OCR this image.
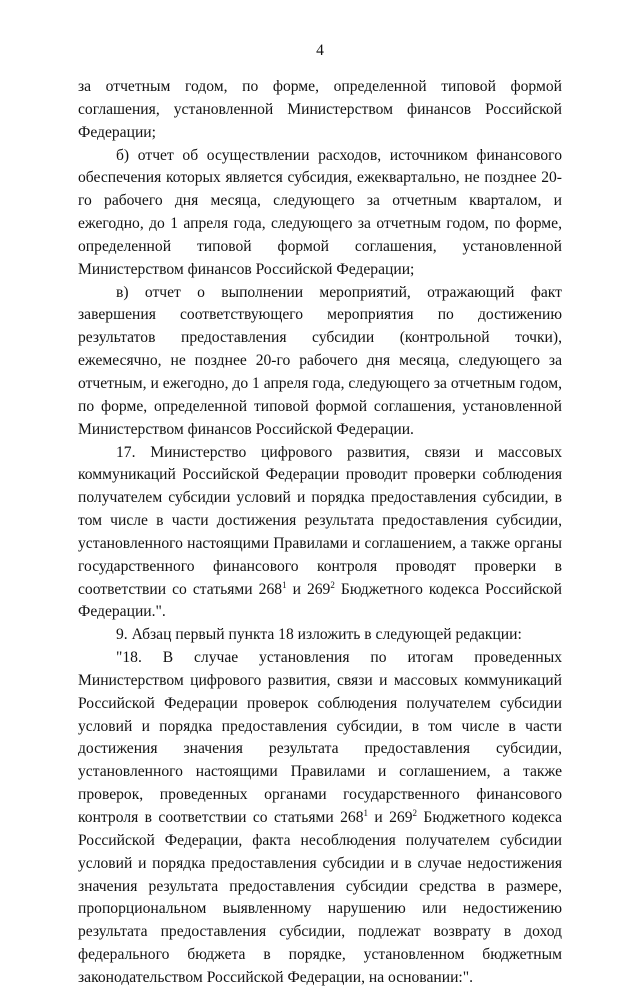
4

за отчетным годом, по форме, определенной типовой формой соглашения, установленной Министерством финансов Российской Федерации;

б) отчет об осуществлении расходов, источником финансового обеспечения которых является субсидия, ежеквартально, не позднее 20-го рабочего дня месяца, следующего за отчетным кварталом, и ежегодно, до 1 апреля года, следующего за отчетным годом, по форме, определенной типовой формой соглашения, установленной Министерством финансов Российской Федерации;

в) отчет о выполнении мероприятий, отражающий факт завершения соответствующего мероприятия по достижению результатов предоставления субсидии (контрольной точки), ежемесячно, не позднее 20-го рабочего дня месяца, следующего за отчетным, и ежегодно, до 1 апреля года, следующего за отчетным годом, по форме, определенной типовой формой соглашения, установленной Министерством финансов Российской Федерации.

17. Министерство цифрового развития, связи и массовых коммуникаций Российской Федерации проводит проверки соблюдения получателем субсидии условий и порядка предоставления субсидии, в том числе в части достижения результата предоставления субсидии, установленного настоящими Правилами и соглашением, а также органы государственного финансового контроля проводят проверки в соответствии со статьями $268^1$ и $269^2$ Бюджетного кодекса Российской Федерации.".

9. Абзац первый пункта 18 изложить в следующей редакции:

"18. В случае установления по итогам проведенных Министерством цифрового развития, связи и массовых коммуникаций Российской Федерации проверок соблюдения получателем субсидии условий и порядка предоставления субсидии, в том числе в части достижения значения результата предоставления субсидии, установленного настоящими Правилами и соглашением, а также проверок, проведенных органами государственного финансового контроля в соответствии со статьями $268^1$ и $269^2$ Бюджетного кодекса Российской Федерации, факта несоблюдения получателем субсидии условий и порядка предоставления субсидии и в случае недостижения значения результата предоставления субсидии средства в размере, пропорциональном выявленному нарушению или недостижению результата предоставления субсидии, подлежат возврату в доход федерального бюджета в порядке, установленном бюджетным законодательством Российской Федерации, на основании:".
